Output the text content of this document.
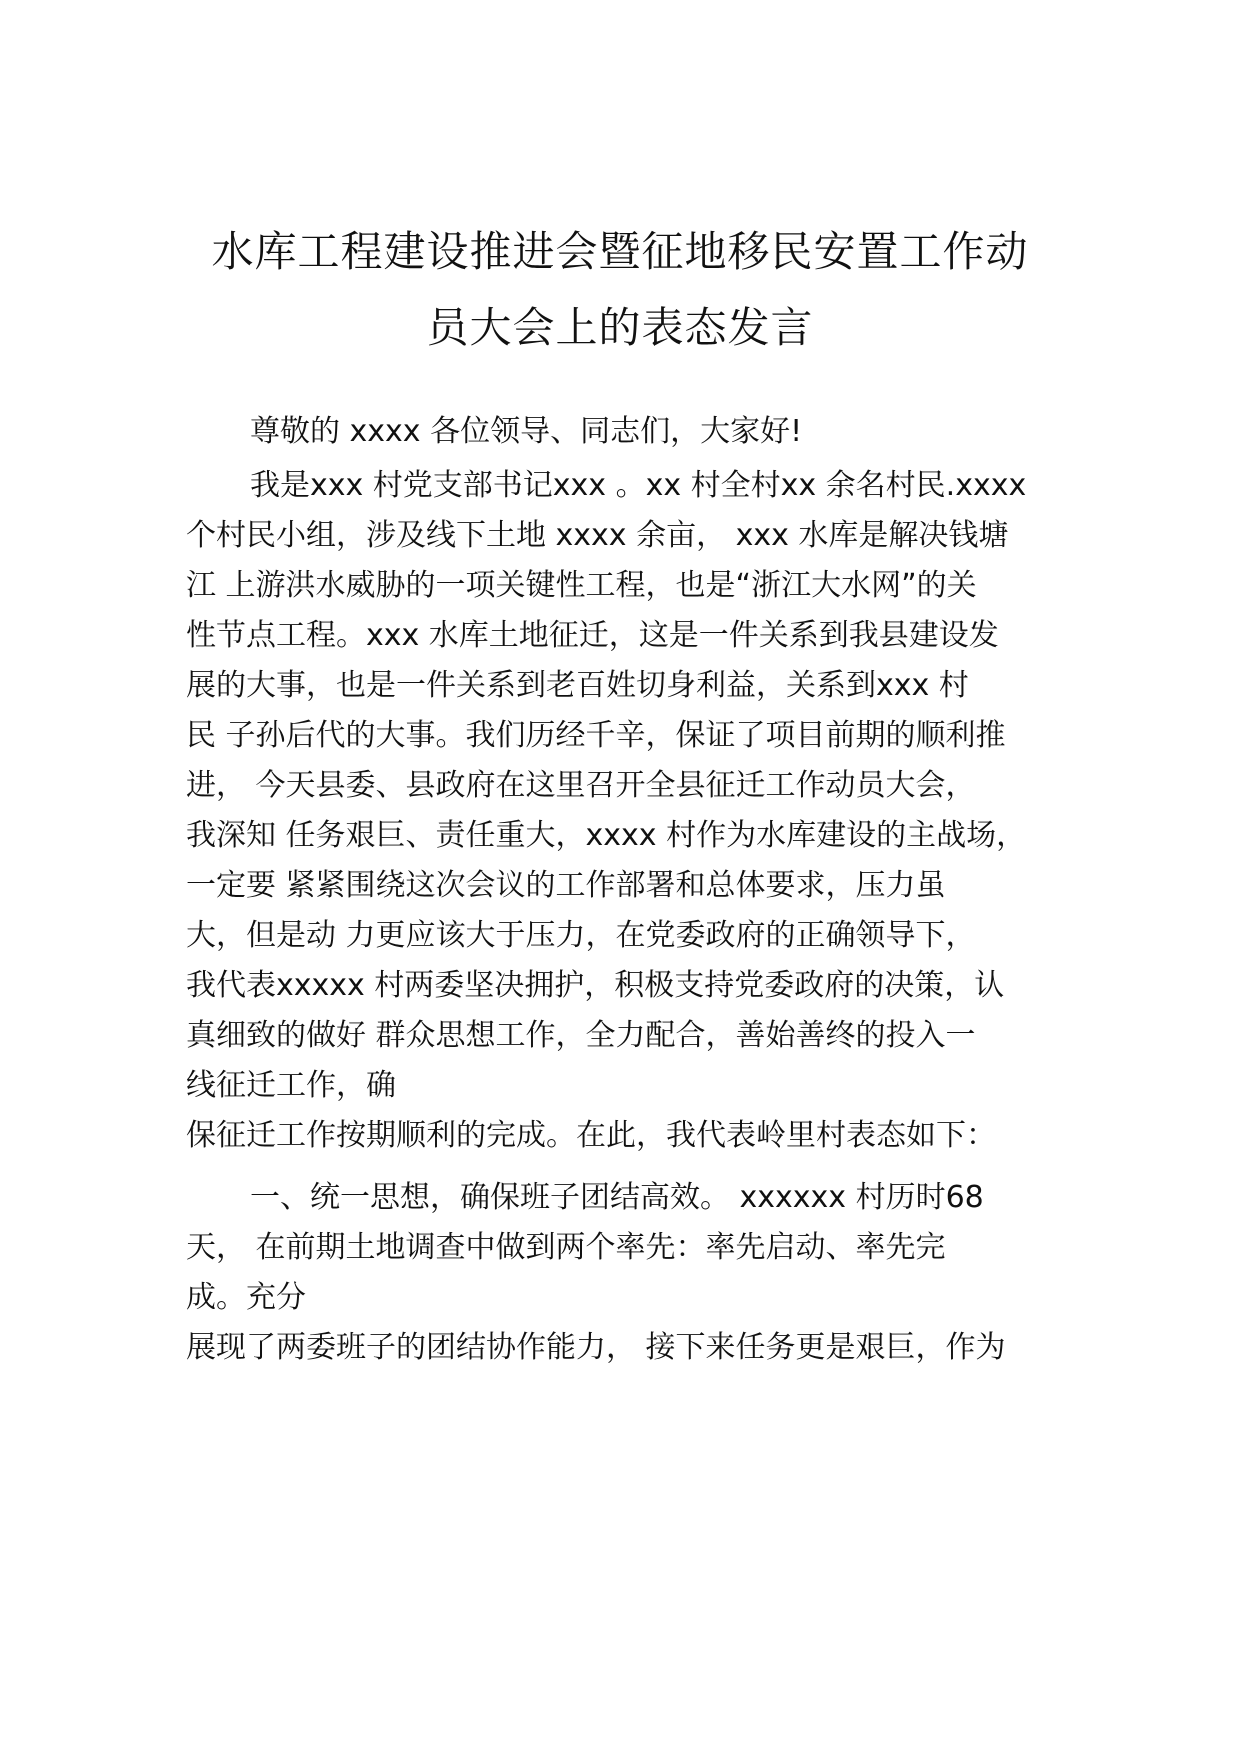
水库工程建设推进会暨征地移民安置工作动
员大会上的表态发言

尊敬的 xxxx 各位领导、同志们，大家好!

我是xxx 村党支部书记xxx 。xx 村全村xx 余名村民.xxxx

个村民小组，涉及线下土地 xxxx 余亩， xxx 水库是解决钱塘

江 上游洪水威胁的一项关键性工程，也是“浙江大水网”的关

性节点工程。xxx 水库土地征迁，这是一件关系到我县建设发

展的大事，也是一件关系到老百姓切身利益，关系到xxx 村

民 子孙后代的大事。我们历经千辛，保证了项目前期的顺利推

进， 今天县委、县政府在这里召开全县征迁工作动员大会，

我深知 任务艰巨、责任重大，xxxx 村作为水库建设的主战场，

一定要 紧紧围绕这次会议的工作部署和总体要求，压力虽

大，但是动 力更应该大于压力，在党委政府的正确领导下，

我代表xxxxx 村两委坚决拥护，积极支持党委政府的决策，认

真细致的做好 群众思想工作，全力配合，善始善终的投入一

线征迁工作，确

保征迁工作按期顺利的完成。在此，我代表岭里村表态如下：

一、统一思想，确保班子团结高效。 xxxxxx 村历时68

天， 在前期土地调查中做到两个率先：率先启动、率先完

成。充分

展现了两委班子的团结协作能力， 接下来任务更是艰巨，作为
